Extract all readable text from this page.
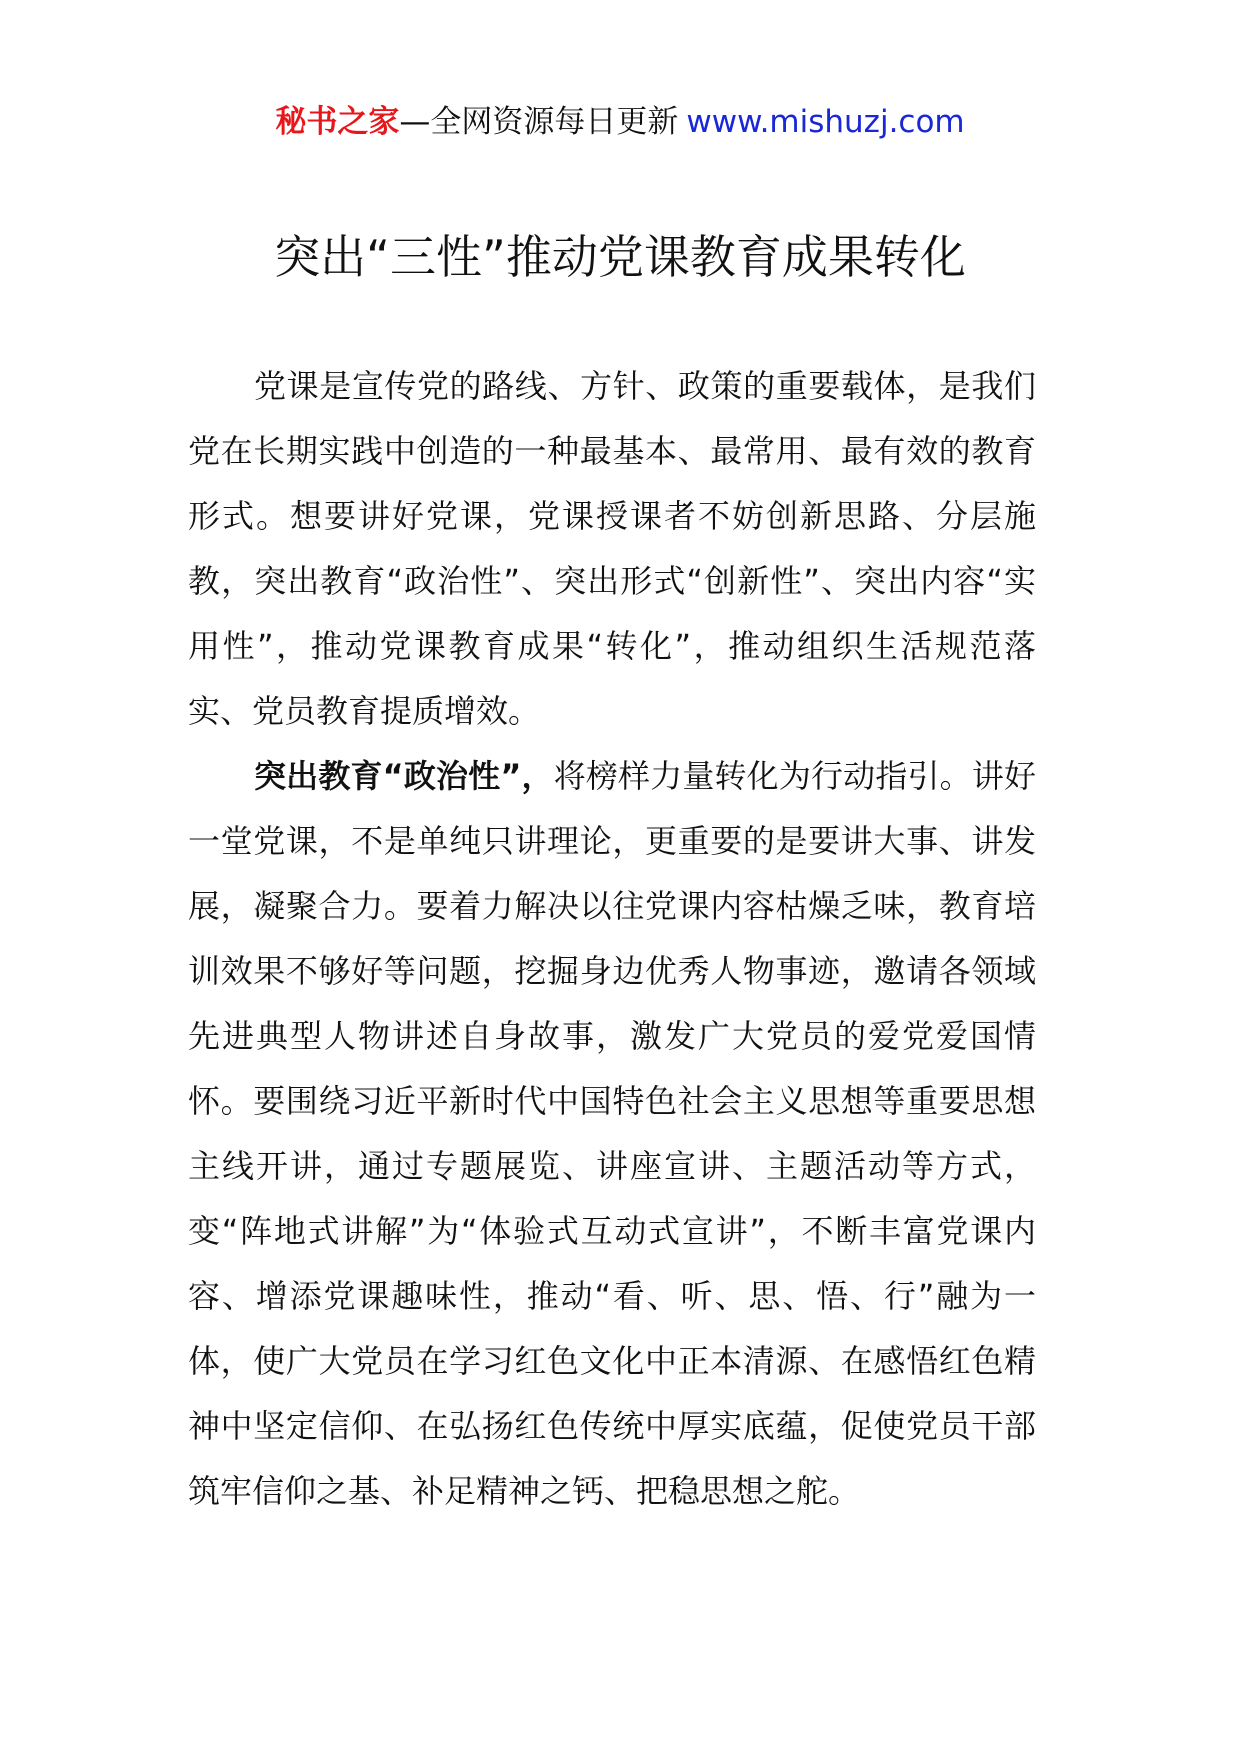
秘书之家—全网资源每日更新 www.mishuzj.com
突出“三性”推动党课教育成果转化

党课是宣传党的路线、方针、政策的重要载体，是我们党在长期实践中创造的一种最基本、最常用、最有效的教育形式。想要讲好党课，党课授课者不妨创新思路、分层施教，突出教育“政治性”、突出形式“创新性”、突出内容“实用性”，推动党课教育成果“转化”，推动组织生活规范落实、党员教育提质增效。

突出教育“政治性”，将榜样力量转化为行动指引。讲好一堂党课，不是单纯只讲理论，更重要的是要讲大事、讲发展，凝聚合力。要着力解决以往党课内容枯燥乏味，教育培训效果不够好等问题，挖掘身边优秀人物事迹，邀请各领域先进典型人物讲述自身故事，激发广大党员的爱党爱国情怀。要围绕习近平新时代中国特色社会主义思想等重要思想主线开讲，通过专题展览、讲座宣讲、主题活动等方式，变“阵地式讲解”为“体验式互动式宣讲”，不断丰富党课内容、增添党课趣味性，推动“看、听、思、悟、行”融为一体，使广大党员在学习红色文化中正本清源、在感悟红色精神中坚定信仰、在弘扬红色传统中厚实底蕴，促使党员干部筑牢信仰之基、补足精神之钙、把稳思想之舵。
